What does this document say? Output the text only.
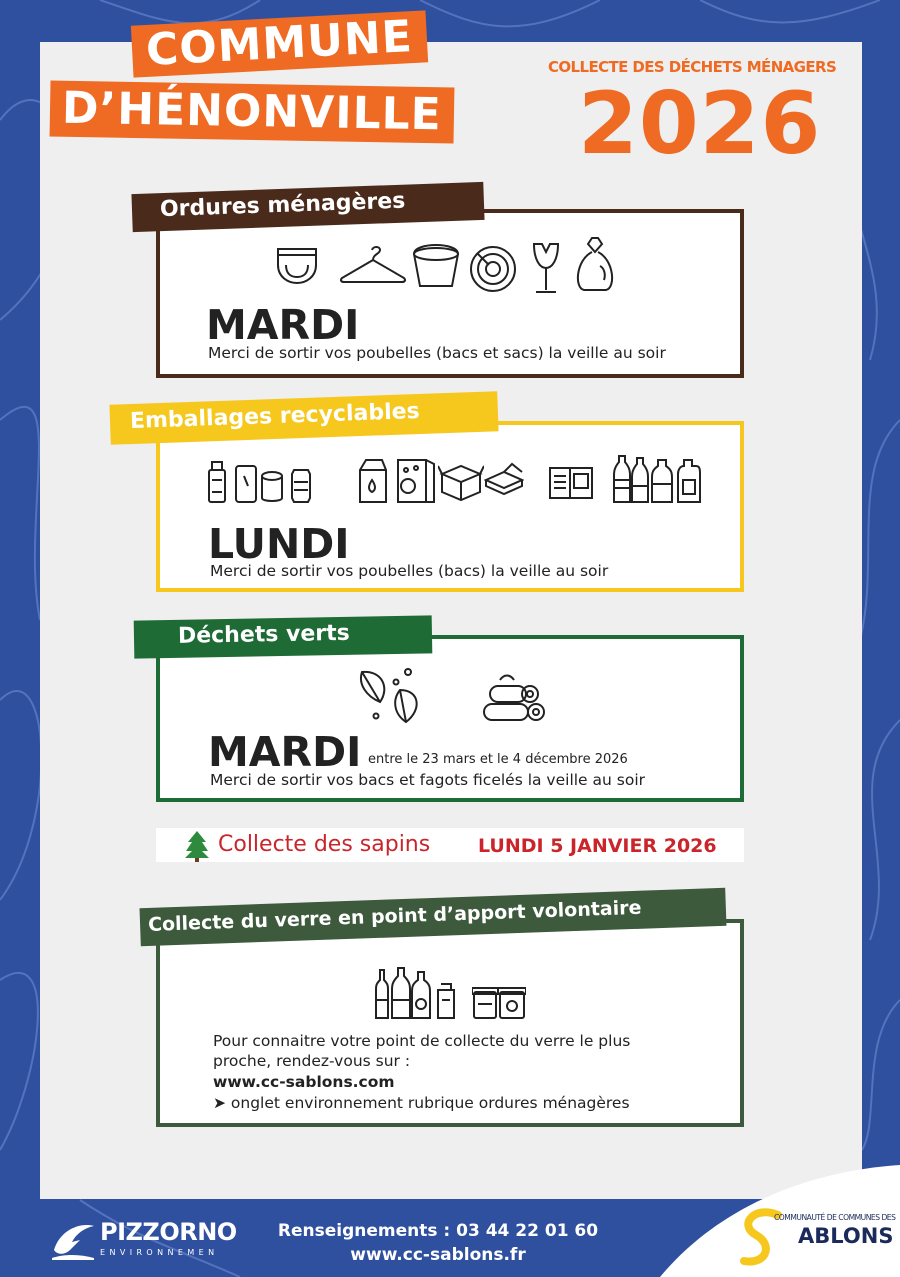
COMMUNE
D’HÉNONVILLE
COLLECTE DES DÉCHETS MÉNAGERS
2026
Ordures ménagères
MARDI
Merci de sortir vos poubelles (bacs et sacs) la veille au soir
Emballages recyclables
LUNDI
Merci de sortir vos poubelles (bacs) la veille au soir
Déchets verts
MARDI entre le 23 mars et le 4 décembre 2026
Merci de sortir vos bacs et fagots ficelés la veille au soir
Collecte des sapins	LUNDI 5 JANVIER 2026
Collecte du verre en point d’apport volontaire
Pour connaitre votre point de collecte du verre le plus
proche, rendez-vous sur :
www.cc-sablons.com
➤ onglet environnement rubrique ordures ménagères
PIZZORNO
ENVIRONNEMEN
Renseignements : 03 44 22 01 60
www.cc-sablons.fr
COMMUNAUTÉ DE COMMUNES DES
ABLONS
